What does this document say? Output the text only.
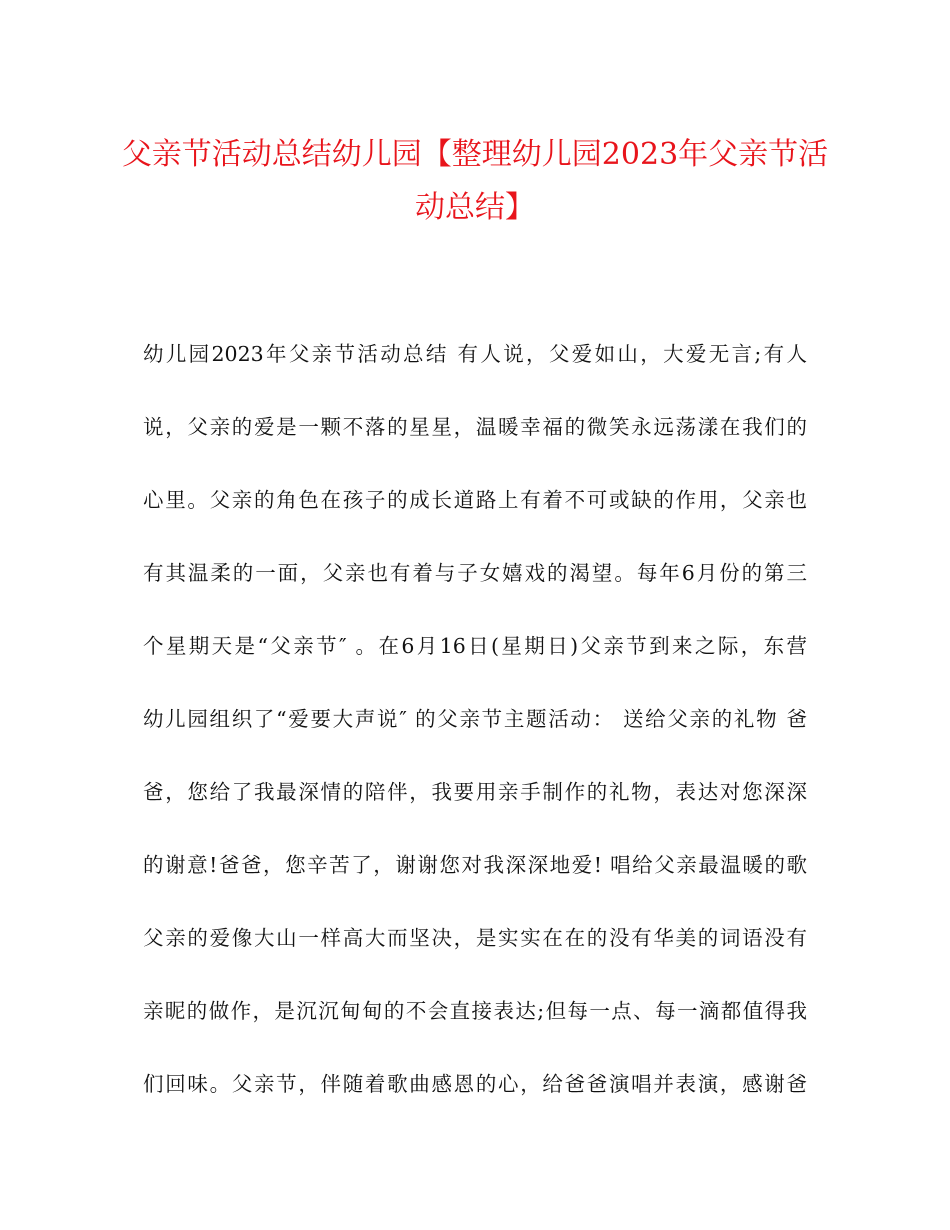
父亲节活动总结幼儿园【整理幼儿园2023年父亲节活
动总结】
幼儿园2023年父亲节活动总结 有人说，父爱如山，大爱无言;有人
说，父亲的爱是一颗不落的星星，温暖幸福的微笑永远荡漾在我们的
心里。父亲的角色在孩子的成长道路上有着不可或缺的作用，父亲也
有其温柔的一面，父亲也有着与子女嬉戏的渴望。每年6月份的第三
个星期天是“父亲节″ 。在6月16日(星期日)父亲节到来之际，东营
幼儿园组织了“爱要大声说″ 的父亲节主题活动： 送给父亲的礼物 爸
爸，您给了我最深情的陪伴，我要用亲手制作的礼物，表达对您深深
的谢意!爸爸，您辛苦了，谢谢您对我深深地爱! 唱给父亲最温暖的歌
父亲的爱像大山一样高大而坚决，是实实在在的没有华美的词语没有
亲昵的做作，是沉沉甸甸的不会直接表达;但每一点、每一滴都值得我
们回味。父亲节，伴随着歌曲感恩的心，给爸爸演唱并表演，感谢爸
